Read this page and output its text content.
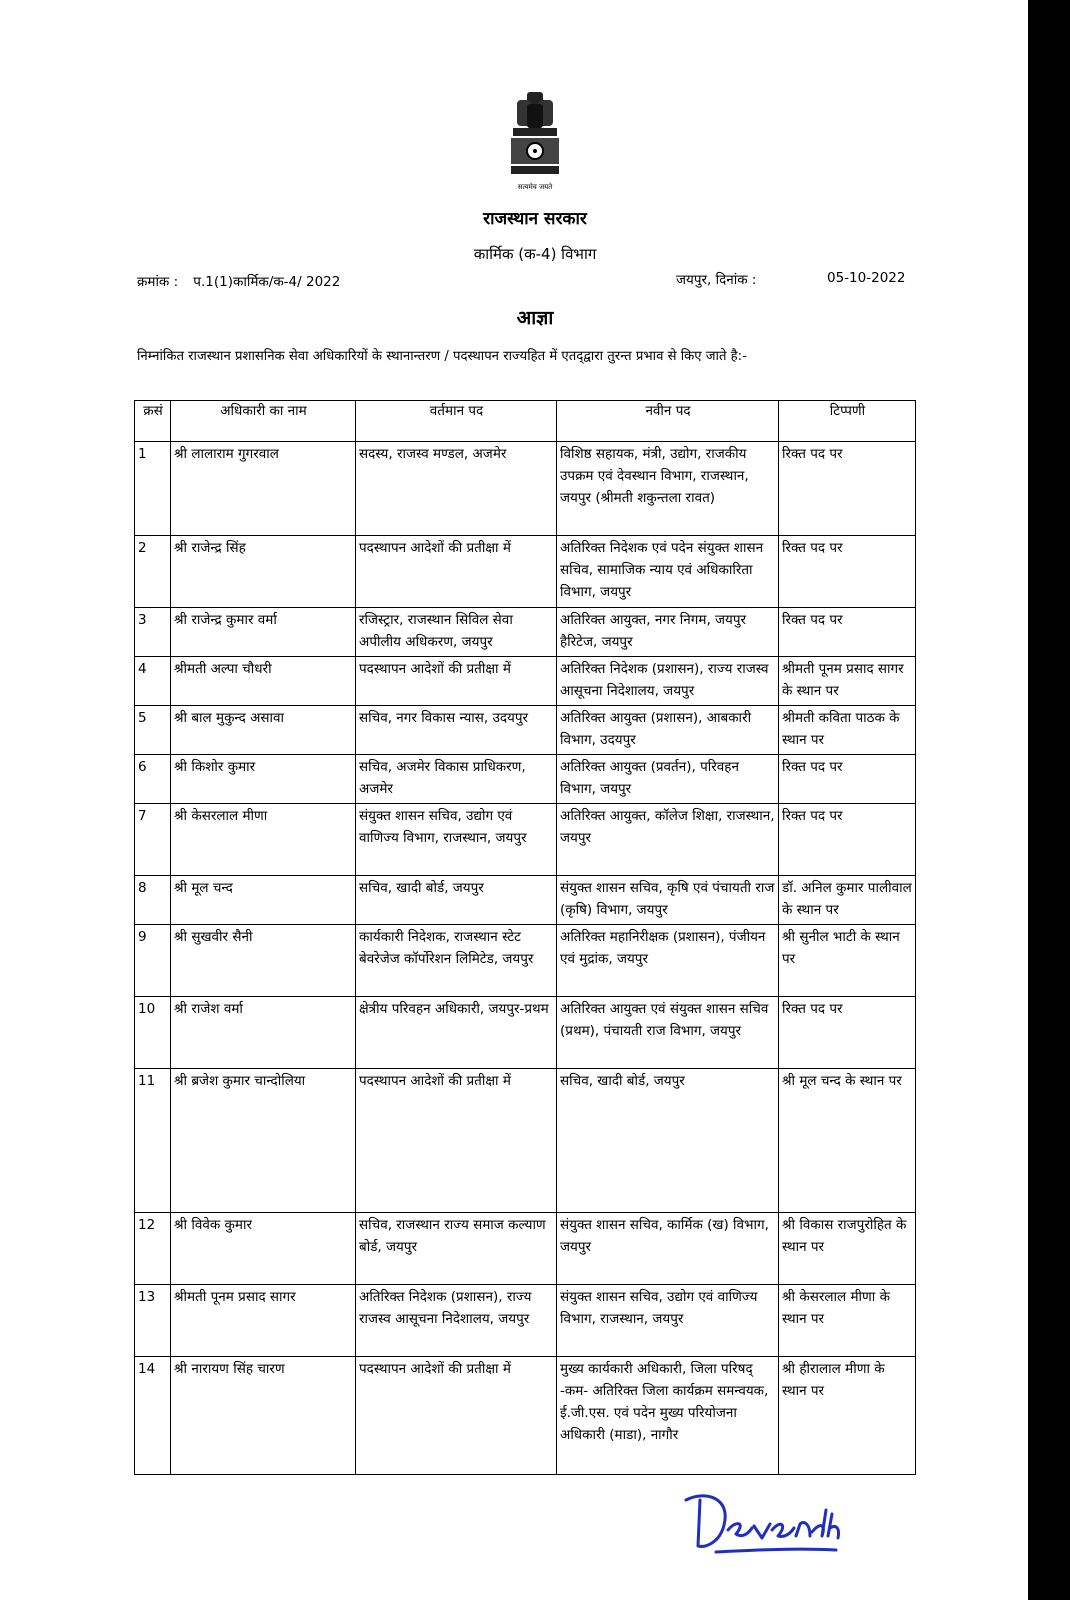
सत्यमेव जयते
राजस्थान सरकार
कार्मिक (क-4) विभाग
क्रमांक : प.1(1)कार्मिक/क-4/ 2022	जयपुर, दिनांक :	05-10-2022
आज्ञा
निम्नांकित राजस्थान प्रशासनिक सेवा अधिकारियों के स्थानान्तरण / पदस्थापन राज्यहित में एतद्‌द्वारा तुरन्त प्रभाव से किए जाते है:-
क्रसं	अधिकारी का नाम	वर्तमान पद	नवीन पद	टिप्पणी
1	श्री लालाराम गुगरवाल	सदस्य, राजस्व मण्डल, अजमेर	विशिष्ठ सहायक, मंत्री, उद्योग, राजकीय उपक्रम एवं देवस्थान विभाग, राजस्थान, जयपुर (श्रीमती शकुन्तला रावत)	रिक्त पद पर
2	श्री राजेन्द्र सिंह	पदस्थापन आदेशों की प्रतीक्षा में	अतिरिक्त निदेशक एवं पदेन संयुक्त शासन सचिव, सामाजिक न्याय एवं अधिकारिता विभाग, जयपुर	रिक्त पद पर
3	श्री राजेन्द्र कुमार वर्मा	रजिस्ट्रार, राजस्थान सिविल सेवा अपीलीय अधिकरण, जयपुर	अतिरिक्त आयुक्त, नगर निगम, जयपुर हैरिटेज, जयपुर	रिक्त पद पर
4	श्रीमती अल्पा चौधरी	पदस्थापन आदेशों की प्रतीक्षा में	अतिरिक्त निदेशक (प्रशासन), राज्य राजस्व आसूचना निदेशालय, जयपुर	श्रीमती पूनम प्रसाद सागर के स्थान पर
5	श्री बाल मुकुन्द असावा	सचिव, नगर विकास न्यास, उदयपुर	अतिरिक्त आयुक्त (प्रशासन), आबकारी विभाग, उदयपुर	श्रीमती कविता पाठक के स्थान पर
6	श्री किशोर कुमार	सचिव, अजमेर विकास प्राधिकरण, अजमेर	अतिरिक्त आयुक्त (प्रवर्तन), परिवहन विभाग, जयपुर	रिक्त पद पर
7	श्री केसरलाल मीणा	संयुक्त शासन सचिव, उद्योग एवं वाणिज्य विभाग, राजस्थान, जयपुर	अतिरिक्त आयुक्त, कॉलेज शिक्षा, राजस्थान, जयपुर	रिक्त पद पर
8	श्री मूल चन्द	सचिव, खादी बोर्ड, जयपुर	संयुक्त शासन सचिव, कृषि एवं पंचायती राज (कृषि) विभाग, जयपुर	डॉ. अनिल कुमार पालीवाल के स्थान पर
9	श्री सुखवीर सैनी	कार्यकारी निदेशक, राजस्थान स्टेट बेवरेजेज कॉर्पोरेशन लिमिटेड, जयपुर	अतिरिक्त महानिरीक्षक (प्रशासन), पंजीयन एवं मुद्रांक, जयपुर	श्री सुनील भाटी के स्थान पर
10	श्री राजेश वर्मा	क्षेत्रीय परिवहन अधिकारी, जयपुर-प्रथम	अतिरिक्त आयुक्त एवं संयुक्त शासन सचिव (प्रथम), पंचायती राज विभाग, जयपुर	रिक्त पद पर
11	श्री ब्रजेश कुमार चान्दोलिया	पदस्थापन आदेशों की प्रतीक्षा में	सचिव, खादी बोर्ड, जयपुर	श्री मूल चन्द के स्थान पर
12	श्री विवेक कुमार	सचिव, राजस्थान राज्य समाज कल्याण बोर्ड, जयपुर	संयुक्त शासन सचिव, कार्मिक (ख) विभाग, जयपुर	श्री विकास राजपुरोहित के स्थान पर
13	श्रीमती पूनम प्रसाद सागर	अतिरिक्त निदेशक (प्रशासन), राज्य राजस्व आसूचना निदेशालय, जयपुर	संयुक्त शासन सचिव, उद्योग एवं वाणिज्य विभाग, राजस्थान, जयपुर	श्री केसरलाल मीणा के स्थान पर
14	श्री नारायण सिंह चारण	पदस्थापन आदेशों की प्रतीक्षा में	मुख्य कार्यकारी अधिकारी, जिला परिषद् -कम- अतिरिक्त जिला कार्यक्रम समन्वयक, ई.जी.एस. एवं पदेन मुख्य परियोजना अधिकारी (माडा), नागौर	श्री हीरालाल मीणा के स्थान पर
